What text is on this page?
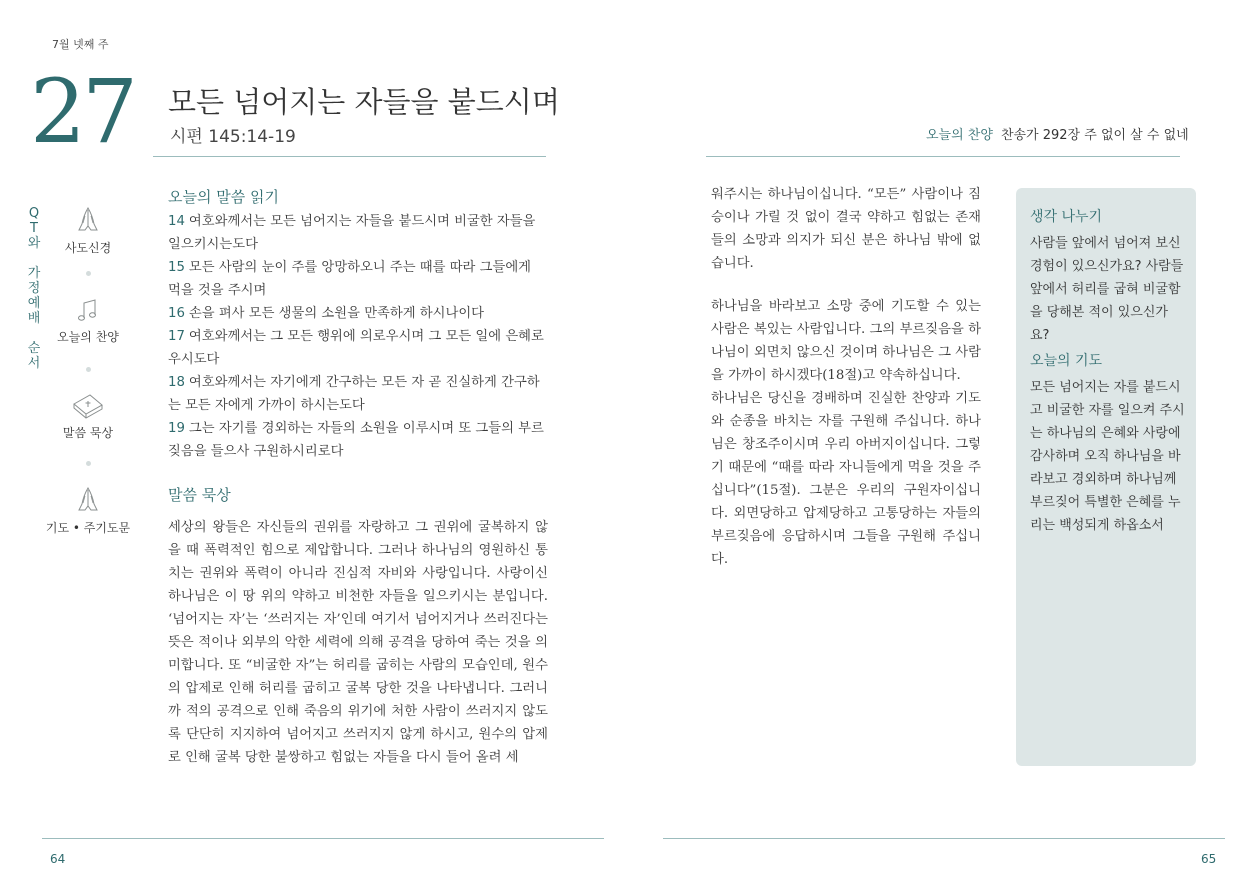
7월 넷째 주
27 모든 넘어지는 자들을 붙드시며
시편 145:14-19	오늘의 찬양 찬송가 292장 주 없이 살 수 없네
Q
T
와
가
정
예
배
순
서
사도신경
오늘의 찬양
말씀 묵상
기도 • 주기도문
오늘의 말씀 읽기
14 여호와께서는 모든 넘어지는 자들을 붙드시며 비굴한 자들을 일으키시는도다
15 모든 사람의 눈이 주를 앙망하오니 주는 때를 따라 그들에게 먹을 것을 주시며
16 손을 펴사 모든 생물의 소원을 만족하게 하시나이다
17 여호와께서는 그 모든 행위에 의로우시며 그 모든 일에 은혜로우시도다
18 여호와께서는 자기에게 간구하는 모든 자 곧 진실하게 간구하는 모든 자에게 가까이 하시는도다
19 그는 자기를 경외하는 자들의 소원을 이루시며 또 그들의 부르짖음을 들으사 구원하시리로다
말씀 묵상
세상의 왕들은 자신들의 권위를 자랑하고 그 권위에 굴복하지 않을 때 폭력적인 힘으로 제압합니다. 그러나 하나님의 영원하신 통치는 권위와 폭력이 아니라 진심적 자비와 사랑입니다. 사랑이신 하나님은 이 땅 위의 약하고 비천한 자들을 일으키시는 분입니다. ‘넘어지는 자’는 ‘쓰러지는 자’인데 여기서 넘어지거나 쓰러진다는 뜻은 적이나 외부의 악한 세력에 의해 공격을 당하여 죽는 것을 의미합니다. 또 “비굴한 자”는 허리를 굽히는 사람의 모습인데, 원수의 압제로 인해 허리를 굽히고 굴복 당한 것을 나타냅니다. 그러니까 적의 공격으로 인해 죽음의 위기에 처한 사람이 쓰러지지 않도록 단단히 지지하여 넘어지고 쓰러지지 않게 하시고, 원수의 압제로 인해 굴복 당한 불쌍하고 힘없는 자들을 다시 들어 올려 세
워주시는 하나님이십니다. “모든” 사람이나 짐승이나 가릴 것 없이 결국 약하고 힘없는 존재들의 소망과 의지가 되신 분은 하나님 밖에 없습니다.
하나님을 바라보고 소망 중에 기도할 수 있는 사람은 복있는 사람입니다. 그의 부르짖음을 하나님이 외면치 않으신 것이며 하나님은 그 사람을 가까이 하시겠다(18절)고 약속하십니다.
하나님은 당신을 경배하며 진실한 찬양과 기도와 순종을 바치는 자를 구원해 주십니다. 하나님은 창조주이시며 우리 아버지이십니다. 그렇기 때문에 “때를 따라 자니들에게 먹을 것을 주십니다”(15절). 그분은 우리의 구원자이십니다. 외면당하고 압제당하고 고통당하는 자들의 부르짖음에 응답하시며 그들을 구원해 주십니다.
생각 나누기
사람들 앞에서 넘어져 보신 경험이 있으신가요? 사람들 앞에서 허리를 굽혀 비굴함을 당해본 적이 있으신가요?
오늘의 기도
모든 넘어지는 자를 붙드시고 비굴한 자를 일으켜 주시는 하나님의 은혜와 사랑에 감사하며 오직 하나님을 바라보고 경외하며 하나님께 부르짖어 특별한 은혜를 누리는 백성되게 하옵소서
64	65
